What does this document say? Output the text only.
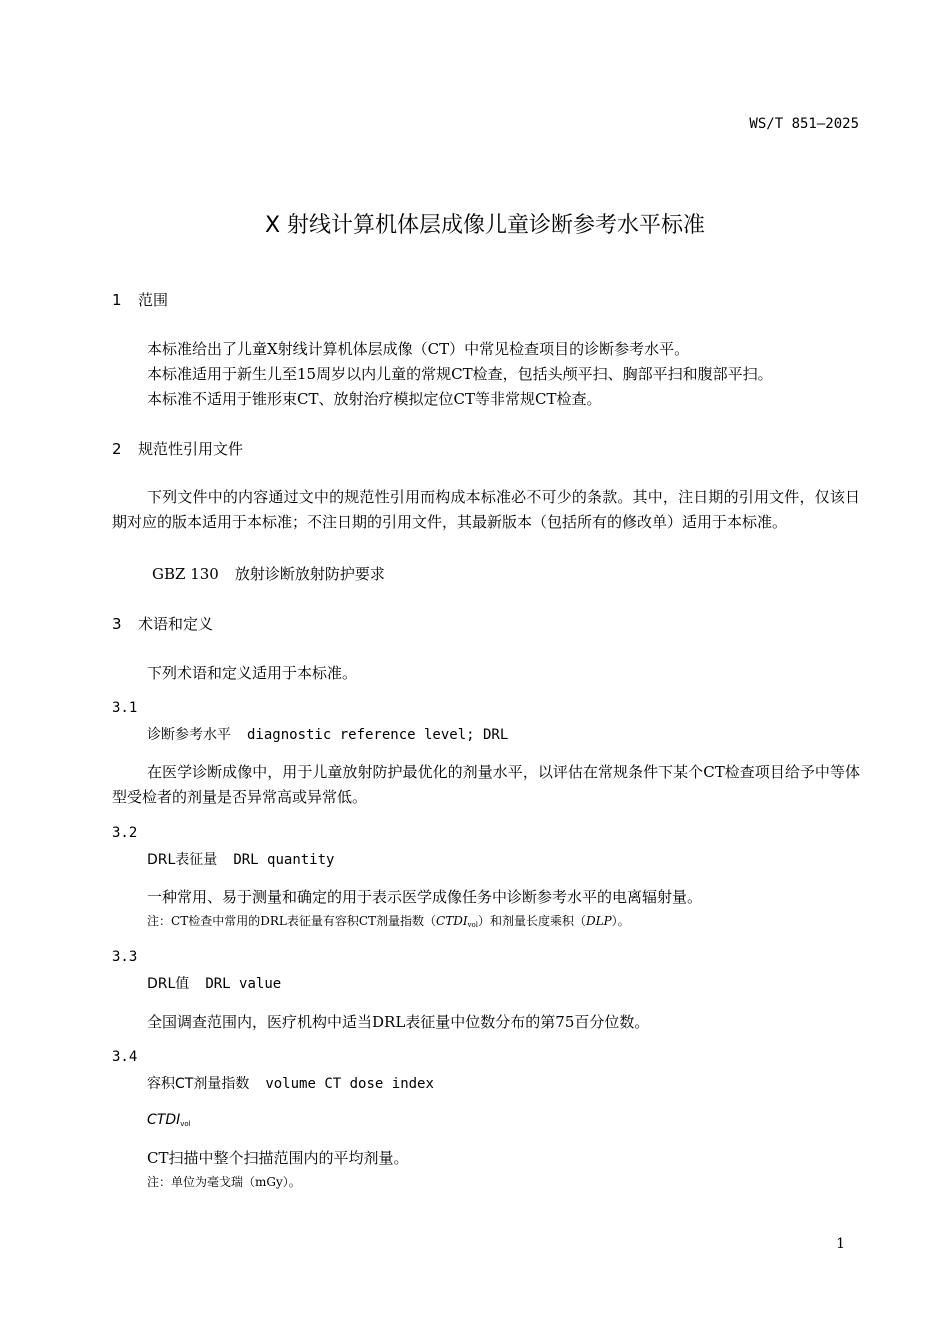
WS/T 851—2025
X 射线计算机体层成像儿童诊断参考水平标准
1 范围
本标准给出了儿童X射线计算机体层成像（CT）中常见检查项目的诊断参考水平。
本标准适用于新生儿至15周岁以内儿童的常规CT检查，包括头颅平扫、胸部平扫和腹部平扫。
本标准不适用于锥形束CT、放射治疗模拟定位CT等非常规CT检查。
2 规范性引用文件
下列文件中的内容通过文中的规范性引用而构成本标准必不可少的条款。其中，注日期的引用文件，仅该日期对应的版本适用于本标准；不注日期的引用文件，其最新版本（包括所有的修改单）适用于本标准。
GBZ 130 放射诊断放射防护要求
3 术语和定义
下列术语和定义适用于本标准。
3.1
诊断参考水平 diagnostic reference level; DRL
在医学诊断成像中，用于儿童放射防护最优化的剂量水平，以评估在常规条件下某个CT检查项目给予中等体型受检者的剂量是否异常高或异常低。
3.2
DRL表征量 DRL quantity
一种常用、易于测量和确定的用于表示医学成像任务中诊断参考水平的电离辐射量。
注：CT检查中常用的DRL表征量有容积CT剂量指数$(CTDI_{vol})$和剂量长度乘积（DLP）。
3.3
DRL值 DRL value
全国调查范围内，医疗机构中适当DRL表征量中位数分布的第75百分位数。
3.4
容积CT剂量指数 volume CT dose index
$CTDI_{vol}$
CT扫描中整个扫描范围内的平均剂量。
注：单位为毫戈瑞（mGy）。
1
